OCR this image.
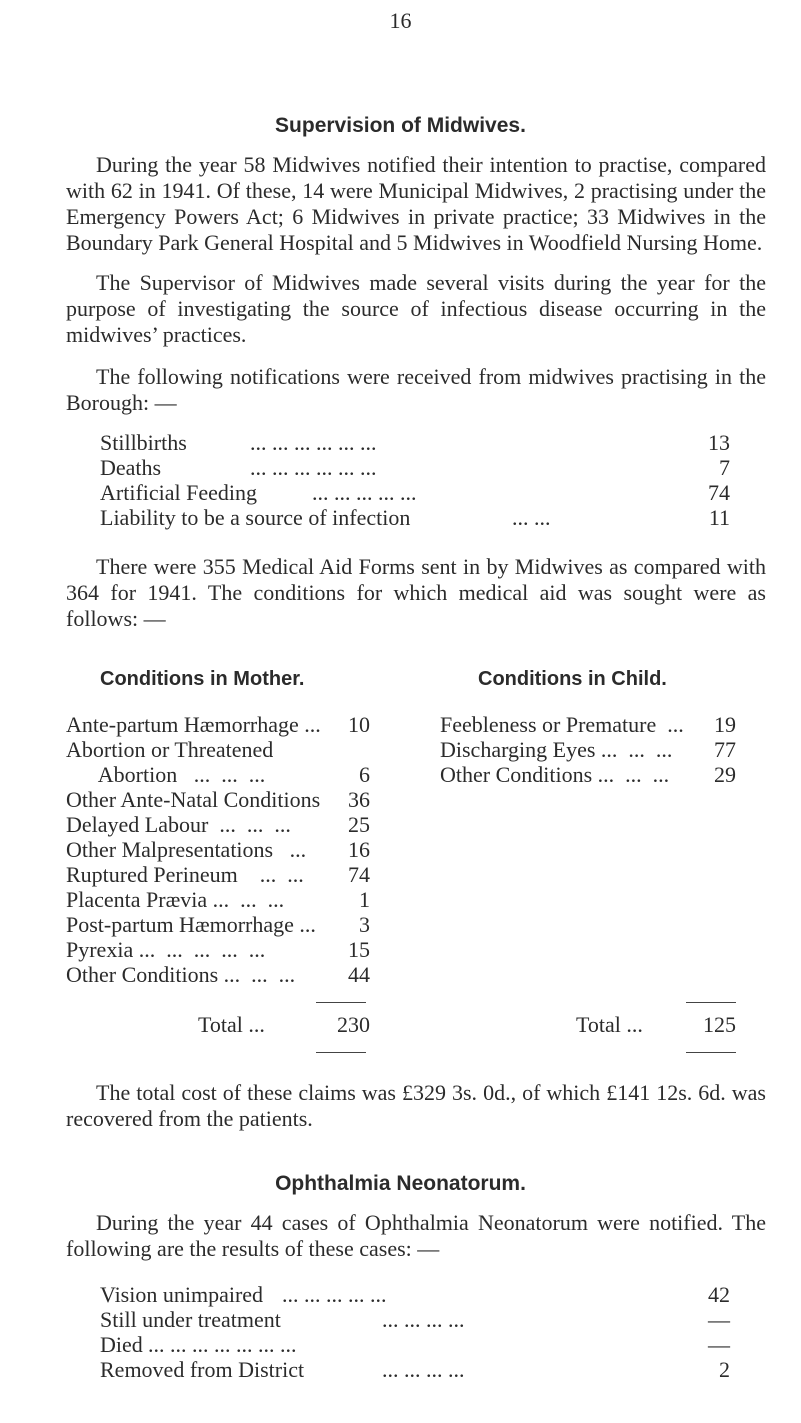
16
Supervision of Midwives.
During the year 58 Midwives notified their intention to practise, compared with 62 in 1941. Of these, 14 were Municipal Midwives, 2 practising under the Emergency Powers Act; 6 Midwives in private practice; 33 Midwives in the Boundary Park General Hospital and 5 Midwives in Woodfield Nursing Home.
The Supervisor of Midwives made several visits during the year for the purpose of investigating the source of infectious disease occurring in the midwives’ practices.
The following notifications were received from midwives practising in the Borough: —
Stillbirths	... ... ... ... ... ...	13
Deaths	... ... ... ... ... ...	7
Artificial Feeding ... ... ... ... ...	74
Liability to be a source of infection	... ...	11
There were 355 Medical Aid Forms sent in by Midwives as compared with 364 for 1941. The conditions for which medical aid was sought were as follows: —
Conditions in Mother.	Conditions in Child.
Ante-partum Hæmorrhage ...	10
Abortion or Threatened
Abortion   ...  ...  ...	6
Other Ante-Natal Conditions	36
Delayed Labour  ...  ...  ...	25
Other Malpresentations   ...	16
Ruptured Perineum    ...  ...	74
Placenta Prævia ...  ...  ...	1
Post-partum Hæmorrhage ...	3
Pyrexia ...  ...  ...  ...  ...	15
Other Conditions ...  ...  ...	44
Total ...	230
Feebleness or Premature  ...	19
Discharging Eyes ...  ...  ...	77
Other Conditions ...  ...  ...	29
Total ...	125
The total cost of these claims was £329 3s. 0d., of which £141 12s. 6d. was recovered from the patients.
Ophthalmia Neonatorum.
During the year 44 cases of Ophthalmia Neonatorum were notified. The following are the results of these cases: —
Vision unimpaired ... ... ... ... ...	42
Still under treatment	... ... ... ...	—
Died ... ... ... ... ... ... ...	—
Removed from District	... ... ... ...	2
